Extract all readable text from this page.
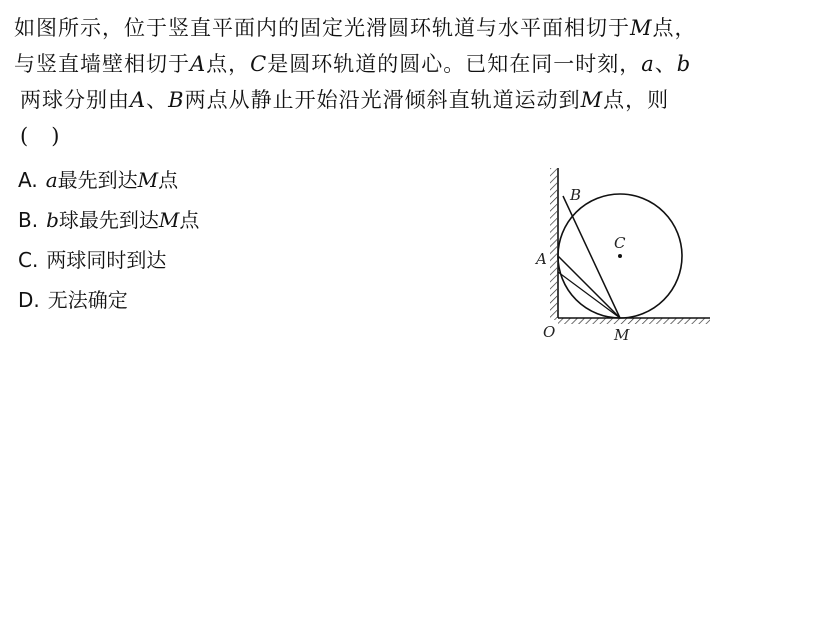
如图所示，位于竖直平面内的固定光滑圆环轨道与水平面相切于M点，

与竖直墙壁相切于A点，C是圆环轨道的圆心。已知在同一时刻，a、b

两球分别由A、B两点从静止开始沿光滑倾斜直轨道运动到M点，则

(　)

A. a 最先到达 M 点
B. b 球最先到达 M 点
C. 两球同时到达
D. 无法确定
B
C
A
O	M
